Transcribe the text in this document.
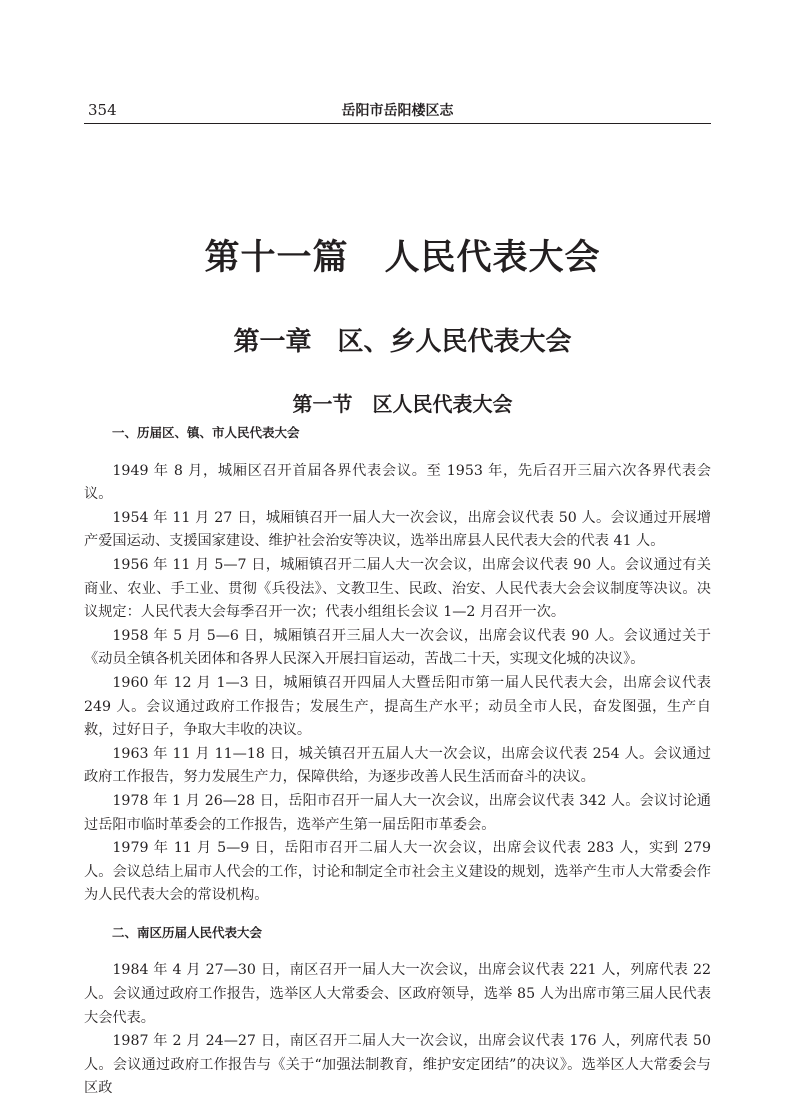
354	岳阳市岳阳楼区志
第十一篇　人民代表大会
第一章　区、乡人民代表大会
第一节　区人民代表大会
一、历届区、镇、市人民代表大会

1949 年 8 月，城厢区召开首届各界代表会议。至 1953 年，先后召开三届六次各界代表会议。

1954 年 11 月 27 日，城厢镇召开一届人大一次会议，出席会议代表 50 人。会议通过开展增产爱国运动、支援国家建设、维护社会治安等决议，选举出席县人民代表大会的代表 41 人。

1956 年 11 月 5—7 日，城厢镇召开二届人大一次会议，出席会议代表 90 人。会议通过有关商业、农业、手工业、贯彻《兵役法》、文教卫生、民政、治安、人民代表大会会议制度等决议。决议规定：人民代表大会每季召开一次；代表小组组长会议 1—2 月召开一次。

1958 年 5 月 5—6 日，城厢镇召开三届人大一次会议，出席会议代表 90 人。会议通过关于《动员全镇各机关团体和各界人民深入开展扫盲运动，苦战二十天，实现文化城的决议》。

1960 年 12 月 1—3 日，城厢镇召开四届人大暨岳阳市第一届人民代表大会，出席会议代表 249 人。会议通过政府工作报告；发展生产，提高生产水平；动员全市人民，奋发图强，生产自救，过好日子，争取大丰收的决议。

1963 年 11 月 11—18 日，城关镇召开五届人大一次会议，出席会议代表 254 人。会议通过政府工作报告，努力发展生产力，保障供给，为逐步改善人民生活而奋斗的决议。

1978 年 1 月 26—28 日，岳阳市召开一届人大一次会议，出席会议代表 342 人。会议讨论通过岳阳市临时革委会的工作报告，选举产生第一届岳阳市革委会。

1979 年 11 月 5—9 日，岳阳市召开二届人大一次会议，出席会议代表 283 人，实到 279 人。会议总结上届市人代会的工作，讨论和制定全市社会主义建设的规划，选举产生市人大常委会作为人民代表大会的常设机构。

二、南区历届人民代表大会

1984 年 4 月 27—30 日，南区召开一届人大一次会议，出席会议代表 221 人，列席代表 22 人。会议通过政府工作报告，选举区人大常委会、区政府领导，选举 85 人为出席市第三届人民代表大会代表。

1987 年 2 月 24—27 日，南区召开二届人大一次会议，出席会议代表 176 人，列席代表 50 人。会议通过政府工作报告与《关于“加强法制教育，维护安定团结”的决议》。选举区人大常委会与区政
